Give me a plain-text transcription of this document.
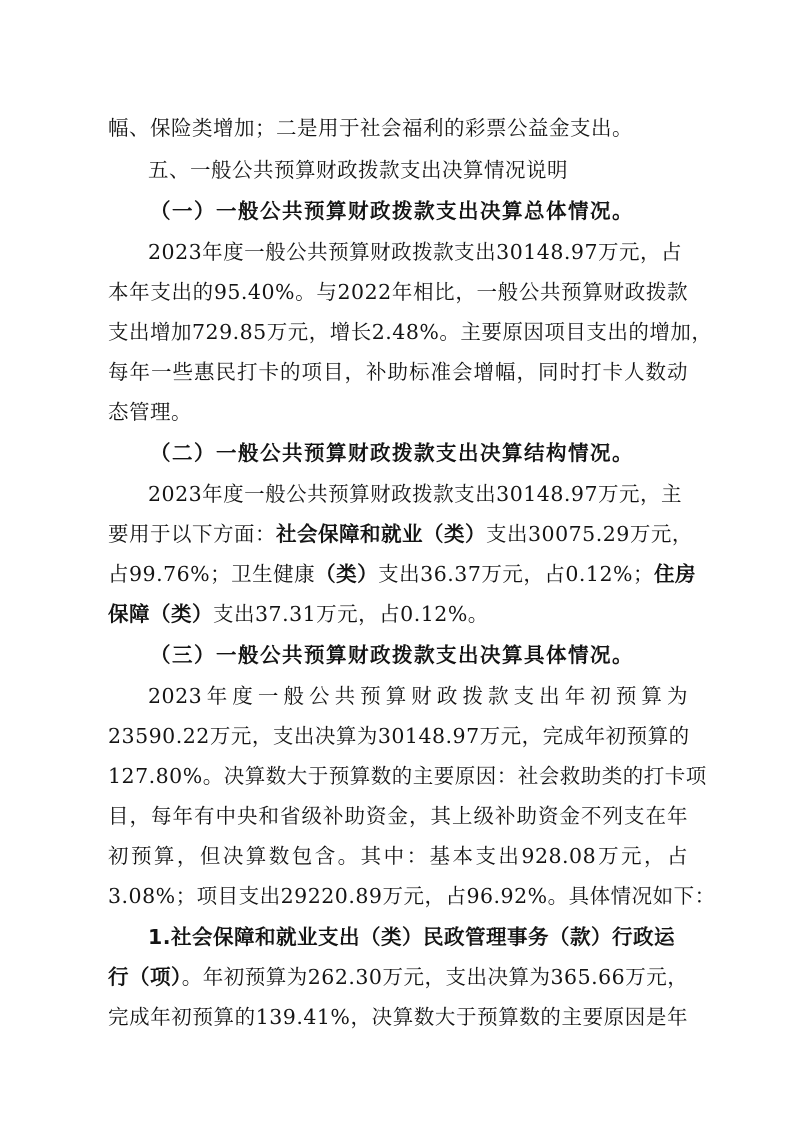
幅、保险类增加；二是用于社会福利的彩票公益金支出。
五、一般公共预算财政拨款支出决算情况说明
（一）一般公共预算财政拨款支出决算总体情况。
2023年度一般公共预算财政拨款支出30148.97万元，占
本年支出的95.40%。与2022年相比，一般公共预算财政拨款
支出增加729.85万元，增长2.48%。主要原因项目支出的增加，
每年一些惠民打卡的项目，补助标准会增幅，同时打卡人数动
态管理。
（二）一般公共预算财政拨款支出决算结构情况。
2023年度一般公共预算财政拨款支出30148.97万元，主
要用于以下方面：社会保障和就业（类）支出30075.29万元，
占99.76%；卫生健康（类）支出36.37万元，占0.12%；住房
保障（类）支出37.31万元，占0.12%。
（三）一般公共预算财政拨款支出决算具体情况。
2023年度一般公共预算财政拨款支出年初预算为
23590.22万元，支出决算为30148.97万元，完成年初预算的
127.80%。决算数大于预算数的主要原因：社会救助类的打卡项
目，每年有中央和省级补助资金，其上级补助资金不列支在年
初预算，但决算数包含。其中：基本支出928.08万元，占
3.08%；项目支出29220.89万元，占96.92%。具体情况如下：
1.社会保障和就业支出（类）民政管理事务（款）行政运
行（项）。年初预算为262.30万元，支出决算为365.66万元，
完成年初预算的139.41%，决算数大于预算数的主要原因是年
